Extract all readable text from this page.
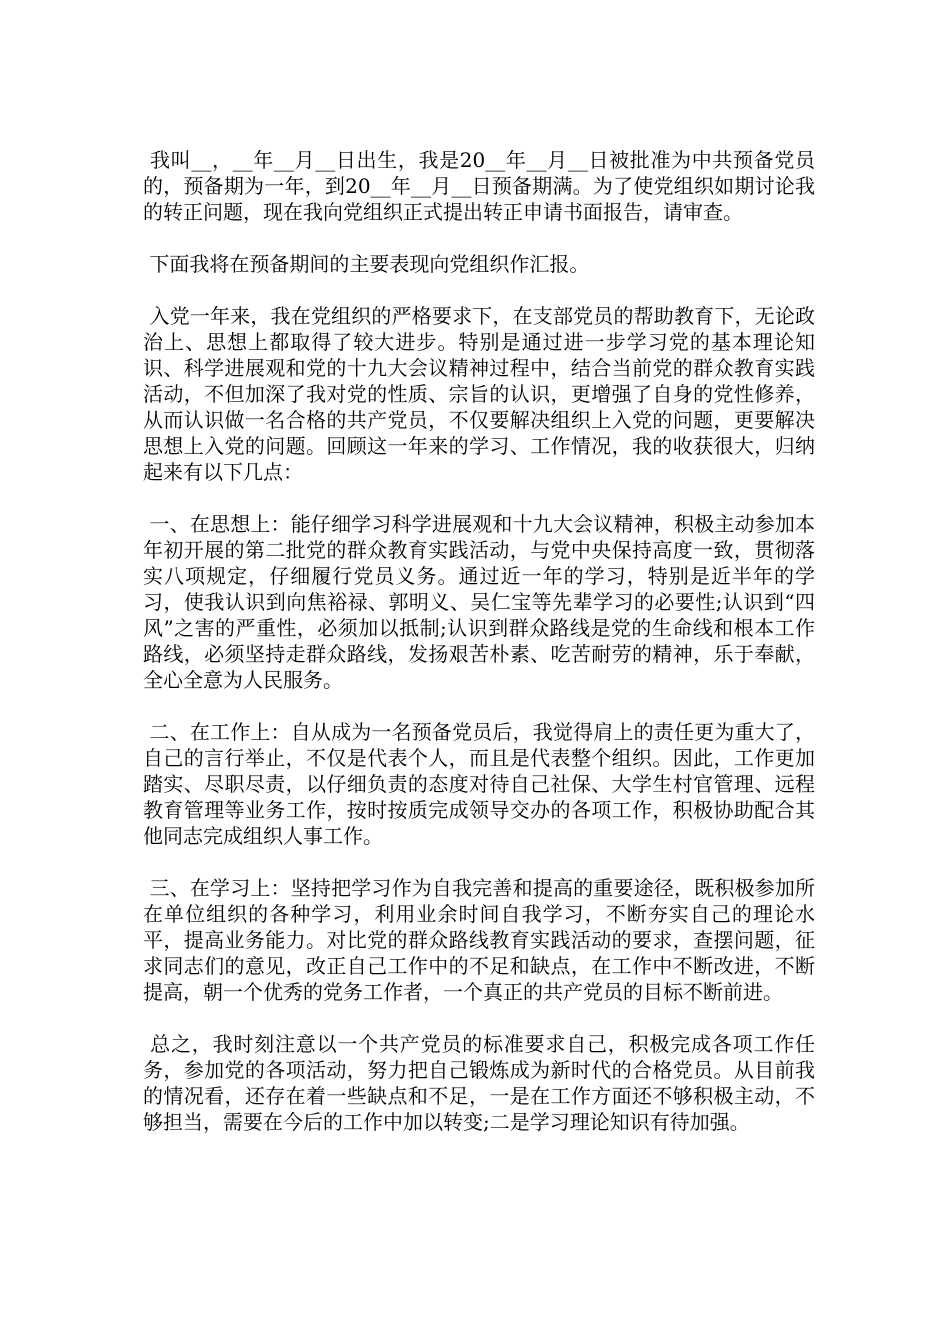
我叫__，__年__月__日出生，我是20__年__月__日被批准为中共预备党员的，预备期为一年，到20__年__月__日预备期满。为了使党组织如期讨论我的转正问题，现在我向党组织正式提出转正申请书面报告，请审查。

下面我将在预备期间的主要表现向党组织作汇报。

入党一年来，我在党组织的严格要求下，在支部党员的帮助教育下，无论政治上、思想上都取得了较大进步。特别是通过进一步学习党的基本理论知识、科学进展观和党的十九大会议精神过程中，结合当前党的群众教育实践活动，不但加深了我对党的性质、宗旨的认识，更增强了自身的党性修养，从而认识做一名合格的共产党员，不仅要解决组织上入党的问题，更要解决思想上入党的问题。回顾这一年来的学习、工作情况，我的收获很大，归纳起来有以下几点：

一、在思想上：能仔细学习科学进展观和十九大会议精神，积极主动参加本年初开展的第二批党的群众教育实践活动，与党中央保持高度一致，贯彻落实八项规定，仔细履行党员义务。通过近一年的学习，特别是近半年的学习，使我认识到向焦裕禄、郭明义、吴仁宝等先辈学习的必要性;认识到“四风”之害的严重性，必须加以抵制;认识到群众路线是党的生命线和根本工作路线，必须坚持走群众路线，发扬艰苦朴素、吃苦耐劳的精神，乐于奉献，全心全意为人民服务。

二、在工作上：自从成为一名预备党员后，我觉得肩上的责任更为重大了，自己的言行举止，不仅是代表个人，而且是代表整个组织。因此，工作更加踏实、尽职尽责，以仔细负责的态度对待自己社保、大学生村官管理、远程教育管理等业务工作，按时按质完成领导交办的各项工作，积极协助配合其他同志完成组织人事工作。

三、在学习上：坚持把学习作为自我完善和提高的重要途径，既积极参加所在单位组织的各种学习，利用业余时间自我学习，不断夯实自己的理论水平，提高业务能力。对比党的群众路线教育实践活动的要求，查摆问题，征求同志们的意见，改正自己工作中的不足和缺点，在工作中不断改进，不断提高，朝一个优秀的党务工作者，一个真正的共产党员的目标不断前进。

总之，我时刻注意以一个共产党员的标准要求自己，积极完成各项工作任务，参加党的各项活动，努力把自己锻炼成为新时代的合格党员。从目前我的情况看，还存在着一些缺点和不足，一是在工作方面还不够积极主动，不够担当，需要在今后的工作中加以转变;二是学习理论知识有待加强。
